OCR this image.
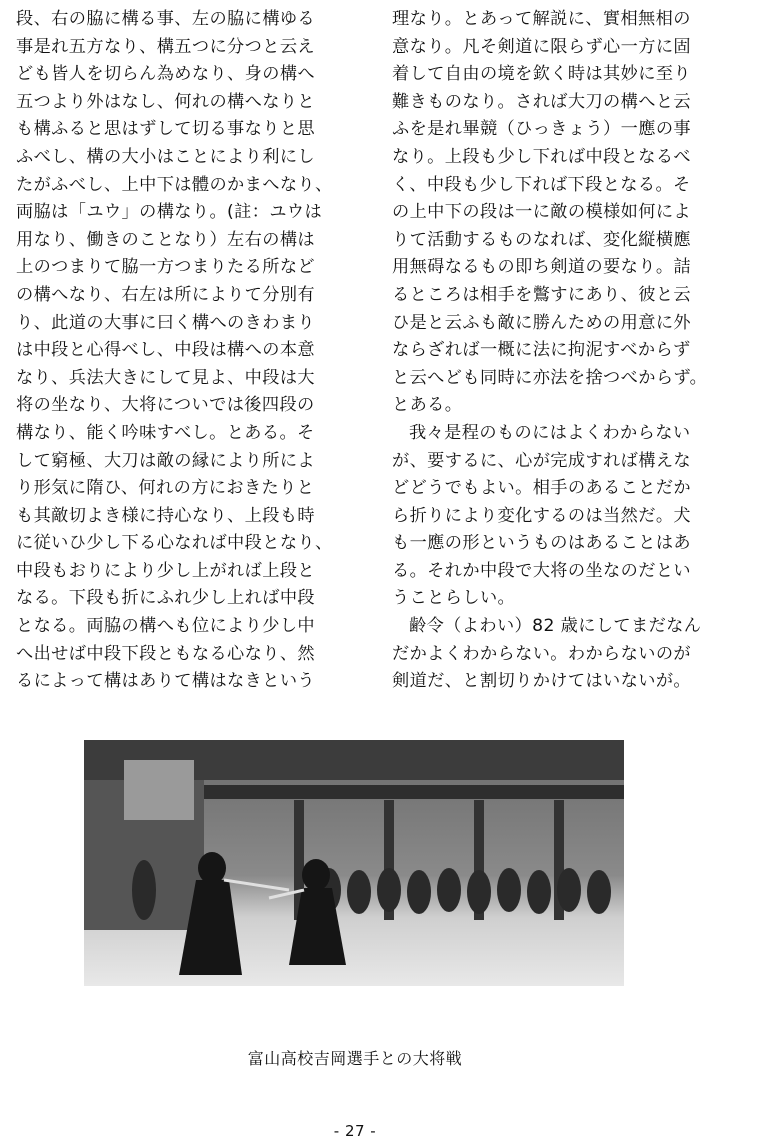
段、右の脇に構る事、左の脇に構ゆる
事是れ五方なり、構五つに分つと云え
ども皆人を切らん為めなり、身の構へ
五つより外はなし、何れの構へなりと
も構ふると思はずして切る事なりと思
ふべし、構の大小はことにより利にし
たがふべし、上中下は體のかまへなり、
両脇は「ユウ」の構なり。(註：ユウは
用なり、働きのことなり）左右の構は
上のつまりて脇一方つまりたる所など
の構へなり、右左は所によりて分別有
り、此道の大事に曰く構へのきわまり
は中段と心得べし、中段は構への本意
なり、兵法大きにして見よ、中段は大
将の坐なり、大将についでは後四段の
構なり、能く吟味すべし。とある。そ
して窮極、大刀は敵の縁により所によ
り形気に隋ひ、何れの方におきたりと
も其敵切よき様に持心なり、上段も時
に従いひ少し下る心なれば中段となり、
中段もおりにより少し上がれば上段と
なる。下段も折にふれ少し上れば中段
となる。両脇の構へも位により少し中
へ出せば中段下段ともなる心なり、然
るによって構はありて構はなきという
理なり。とあって解説に、實相無相の
意なり。凡そ剣道に限らず心一方に固
着して自由の境を欽く時は其妙に至り
難きものなり。されば大刀の構へと云
ふを是れ畢競（ひっきょう）一應の事
なり。上段も少し下れば中段となるべ
く、中段も少し下れば下段となる。そ
の上中下の段は一に敵の模様如何によ
りて活動するものなれば、変化縦横應
用無碍なるもの即ち剣道の要なり。詰
るところは相手を鷩すにあり、彼と云
ひ是と云ふも敵に勝んための用意に外
ならざれば一概に法に拘泥すべからず
と云へども同時に亦法を捨つべからず。
とある。
我々是程のものにはよくわからない
が、要するに、心が完成すれば構えな
どどうでもよい。相手のあることだか
ら折りにより変化するのは当然だ。犬
も一應の形というものはあることはあ
る。それか中段で大将の坐なのだとい
うことらしい。
齢令（よわい）82 歳にしてまだなん
だかよくわからない。わからないのが
剣道だ、と割切りかけてはいないが。
富山高校吉岡選手との大将戦
- 27 -
